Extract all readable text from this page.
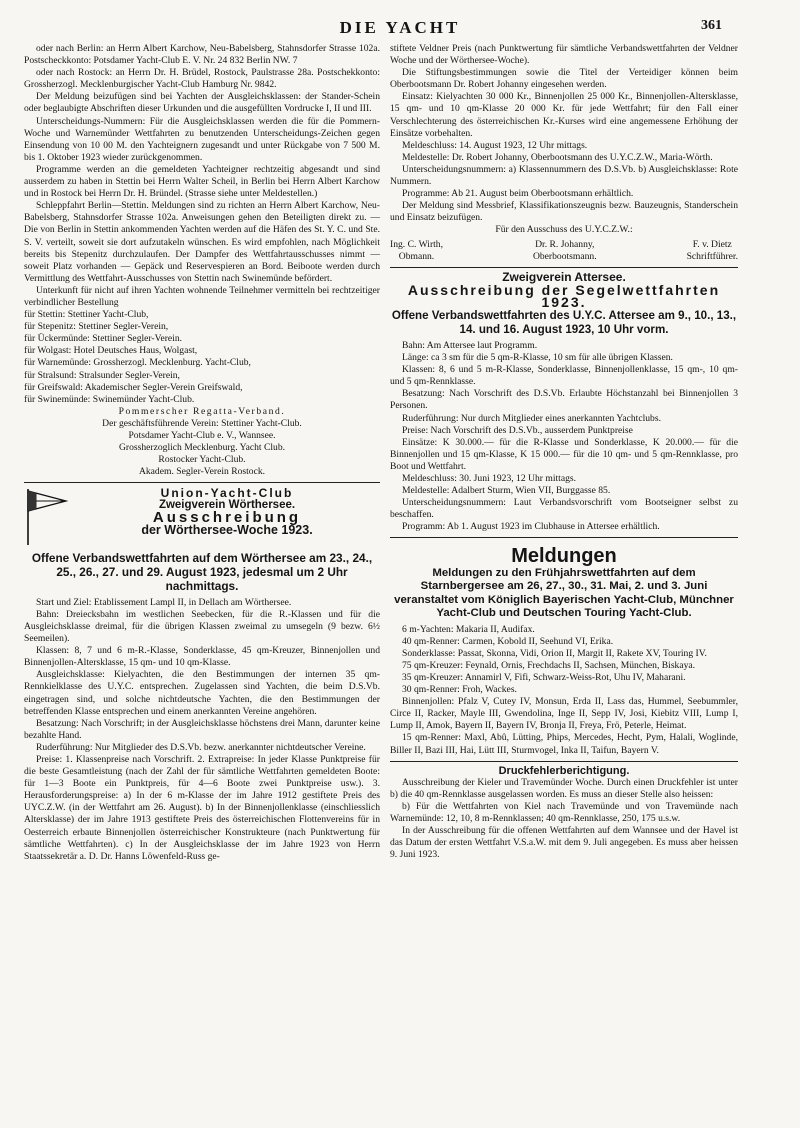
DIE YACHT	361

oder nach Berlin: an Herrn Albert Karchow, Neu-Babelsberg, Stahnsdorfer Strasse 102a. Postscheckkonto: Potsdamer Yacht-Club E. V. Nr. 24 832 Berlin NW. 7

oder nach Rostock: an Herrn Dr. H. Brüdel, Rostock, Paulstrasse 28a. Postschekkonto: Grossherzogl. Mecklenburgischer Yacht-Club Hamburg Nr. 9842.

Der Meldung beizufügen sind bei Yachten der Ausgleichsklassen: der Stander-Schein oder beglaubigte Abschriften dieser Urkunden und die ausgefüllten Vordrucke I, II und III.

Unterscheidungs-Nummern: Für die Ausgleichsklassen werden die für die Pommern-Woche und Warnemünder Wettfahrten zu benutzenden Unterscheidungs-Zeichen gegen Einsendung von 10 00 M. den Yachteignern zugesandt und unter Rückgabe von 7 500 M. bis 1. Oktober 1923 wieder zurückgenommen.

Programme werden an die gemeldeten Yachteigner rechtzeitig abgesandt und sind ausserdem zu haben in Stettin bei Herrn Walter Scheil, in Berlin bei Herrn Albert Karchow und in Rostock bei Herrn Dr. H. Bründel. (Strasse siehe unter Meldestellen.)

Schleppfahrt Berlin—Stettin. Meldungen sind zu richten an Herrn Albert Karchow, Neu-Babelsberg, Stahnsdorfer Strasse 102a. Anweisungen gehen den Beteiligten direkt zu. — Die von Berlin in Stettin ankommenden Yachten werden auf die Häfen des St. Y. C. und Ste. S. V. verteilt, soweit sie dort aufzutakeln wünschen. Es wird empfohlen, nach Möglichkeit bereits bis Stepenitz durchzulaufen. Der Dampfer des Wettfahrtausschusses nimmt — soweit Platz vorhanden — Gepäck und Reservespieren an Bord. Beiboote werden durch Vermittlung des Wettfahrt-Ausschusses von Stettin nach Swinemünde befördert.

Unterkunft für nicht auf ihren Yachten wohnende Teilnehmer vermitteln bei rechtzeitiger verbindlicher Bestellung

für Stettin: Stettiner Yacht-Club,

für Stepenitz: Stettiner Segler-Verein,

für Ückermünde: Stettiner Segler-Verein.

für Wolgast: Hotel Deutsches Haus, Wolgast,

für Warnemünde: Grossherzogl. Mecklenburg. Yacht-Club,

für Stralsund: Stralsunder Segler-Verein,

für Greifswald: Akademischer Segler-Verein Greifswald,

für Swinemünde: Swinemünder Yacht-Club.

Pommerscher Regatta-Verband.

Der geschäftsführende Verein: Stettiner Yacht-Club.

Potsdamer Yacht-Club e. V., Wannsee.

Grossherzoglich Mecklenburg. Yacht Club.

Rostocker Yacht-Club.

Akadem. Segler-Verein Rostock.

Union-Yacht-Club
Zweigverein Wörthersee.
Ausschreibung
der Wörthersee-Woche 1923.
Offene Verbandswettfahrten auf dem Wörthersee am 23., 24., 25., 26., 27. und 29. August 1923, jedesmal um 2 Uhr nachmittags.

Start und Ziel: Etablissement Lampl II, in Dellach am Wörthersee.

Bahn: Dreiecksbahn im westlichen Seebecken, für die R.-Klassen und für die Ausgleichsklasse dreimal, für die übrigen Klassen zweimal zu umsegeln (9 bezw. 6½ Seemeilen).

Klassen: 8, 7 und 6 m-R.-Klasse, Sonderklasse, 45 qm-Kreuzer, Binnenjollen und Binnenjollen-Altersklasse, 15 qm- und 10 qm-Klasse.

Ausgleichsklasse: Kielyachten, die den Bestimmungen der internen 35 qm-Rennkielklasse des U.Y.C. entsprechen. Zugelassen sind Yachten, die beim D.S.Vb. eingetragen sind, und solche nichtdeutsche Yachten, die den Bestimmungen der betreffenden Klasse entsprechen und einem anerkannten Vereine angehören.

Besatzung: Nach Vorschrift; in der Ausgleichsklasse höchstens drei Mann, darunter keine bezahlte Hand.

Ruderführung: Nur Mitglieder des D.S.Vb. bezw. anerkannter nichtdeutscher Vereine.

Preise: 1. Klassenpreise nach Vorschrift. 2. Extrapreise: In jeder Klasse Punktpreise für die beste Gesamtleistung (nach der Zahl der für sämtliche Wettfahrten gemeldeten Boote: für 1—3 Boote ein Punktpreis, für 4—6 Boote zwei Punktpreise usw.). 3. Herausforderungspreise: a) In der 6 m-Klasse der im Jahre 1912 gestiftete Preis des UYC.Z.W. (in der Wettfahrt am 26. August). b) In der Binnenjollenklasse (einschliesslich Altersklasse) der im Jahre 1913 gestiftete Preis des österreichischen Flottenvereins für in Oesterreich erbaute Binnenjollen österreichischer Konstrukteure (nach Punktwertung für sämtliche Wettfahrten). c) In der Ausgleichsklasse der im Jahre 1923 von Herrn Staatssekretär a. D. Dr. Hanns Löwenfeld-Russ ge-

stiftete Veldner Preis (nach Punktwertung für sämtliche Verbandswettfahrten der Veldner Woche und der Wörthersee-Woche).

Die Stiftungsbestimmungen sowie die Titel der Verteidiger können beim Oberbootsmann Dr. Robert Johanny eingesehen werden.

Einsatz: Kielyachten 30 000 Kr., Binnenjollen 25 000 Kr., Binnenjollen-Altersklasse, 15 qm- und 10 qm-Klasse 20 000 Kr. für jede Wettfahrt; für den Fall einer Verschlechterung des österreichischen Kr.-Kurses wird eine angemessene Erhöhung der Einsätze vorbehalten.

Meldeschluss: 14. August 1923, 12 Uhr mittags.

Meldestelle: Dr. Robert Johanny, Oberbootsmann des U.Y.C.Z.W., Maria-Wörth.

Unterscheidungsnummern: a) Klassennummern des D.S.Vb. b) Ausgleichsklasse: Rote Nummern.

Programme: Ab 21. August beim Oberbootsmann erhältlich.

Der Meldung sind Messbrief, Klassifikationszeugnis bezw. Bauzeugnis, Standerschein und Einsatz beizufügen.

Für den Ausschuss des U.Y.C.Z.W.:

Ing. C. Wirth,
Obmann.
Dr. R. Johanny,
Oberbootsmann.
F. v. Dietz
Schriftführer.
Zweigverein Attersee.
Ausschreibung der Segelwettfahrten 1923.
Offene Verbandswettfahrten des U.Y.C. Attersee am 9., 10., 13., 14. und 16. August 1923, 10 Uhr vorm.

Bahn: Am Attersee laut Programm.

Länge: ca 3 sm für die 5 qm-R-Klasse, 10 sm für alle übrigen Klassen.

Klassen: 8, 6 und 5 m-R-Klasse, Sonderklasse, Binnenjollenklasse, 15 qm-, 10 qm- und 5 qm-Rennklasse.

Besatzung: Nach Vorschrift des D.S.Vb. Erlaubte Höchstanzahl bei Binnenjollen 3 Personen.

Ruderführung: Nur durch Mitglieder eines anerkannten Yachtclubs.

Preise: Nach Vorschrift des D.S.Vb., ausserdem Punktpreise

Einsätze: K 30.000.— für die R-Klasse und Sonderklasse, K 20.000.— für die Binnenjollen und 15 qm-Klasse, K 15 000.— für die 10 qm- und 5 qm-Rennklasse, pro Boot und Wettfahrt.

Meldeschluss: 30. Juni 1923, 12 Uhr mittags.

Meldestelle: Adalbert Sturm, Wien VII, Burggasse 85.

Unterscheidungsnummern: Laut Verbandsvorschrift vom Bootseigner selbst zu beschaffen.

Programm: Ab 1. August 1923 im Clubhause in Attersee erhältlich.

Meldungen
Meldungen zu den Frühjahrswettfahrten auf dem Starnbergersee am 26, 27., 30., 31. Mai, 2. und 3. Juni veranstaltet vom Königlich Bayerischen Yacht-Club, Münchner Yacht-Club und Deutschen Touring Yacht-Club.

6 m-Yachten: Makaria II, Audifax.

40 qm-Renner: Carmen, Kobold II, Seehund VI, Erika.

Sonderklasse: Passat, Skonna, Vidi, Orion II, Margit II, Rakete XV, Touring IV.

75 qm-Kreuzer: Feynald, Ornis, Frechdachs II, Sachsen, München, Biskaya.

35 qm-Kreuzer: Annamirl V, Fifi, Schwarz-Weiss-Rot, Uhu IV, Maharani.

30 qm-Renner: Froh, Wackes.

Binnenjollen: Pfalz V, Cutey IV, Monsun, Erda II, Lass das, Hummel, Seebummler, Circe II, Racker, Mayle III, Gwendolina, Inge II, Sepp IV, Josi, Kiebitz VIII, Lump I, Lump II, Amok, Bayern II, Bayern IV, Bronja II, Freya, Frö, Peterle, Heimat.

15 qm-Renner: Maxl, Abû, Lütting, Phips, Mercedes, Hecht, Pym, Halali, Woglinde, Biller II, Bazi III, Hai, Lütt III, Sturmvogel, Inka II, Taifun, Bayern V.

Druckfehlerberichtigung.

Ausschreibung der Kieler und Travemünder Woche. Durch einen Druckfehler ist unter b) die 40 qm-Rennklasse ausgelassen worden. Es muss an dieser Stelle also heissen:

b) Für die Wettfahrten von Kiel nach Travemünde und von Travemünde nach Warnemünde: 12, 10, 8 m-Rennklassen; 40 qm-Rennklasse, 250, 175 u.s.w.

In der Ausschreibung für die offenen Wettfahrten auf dem Wannsee und der Havel ist das Datum der ersten Wettfahrt V.S.a.W. mit dem 9. Juli angegeben. Es muss aber heissen 9. Juni 1923.
